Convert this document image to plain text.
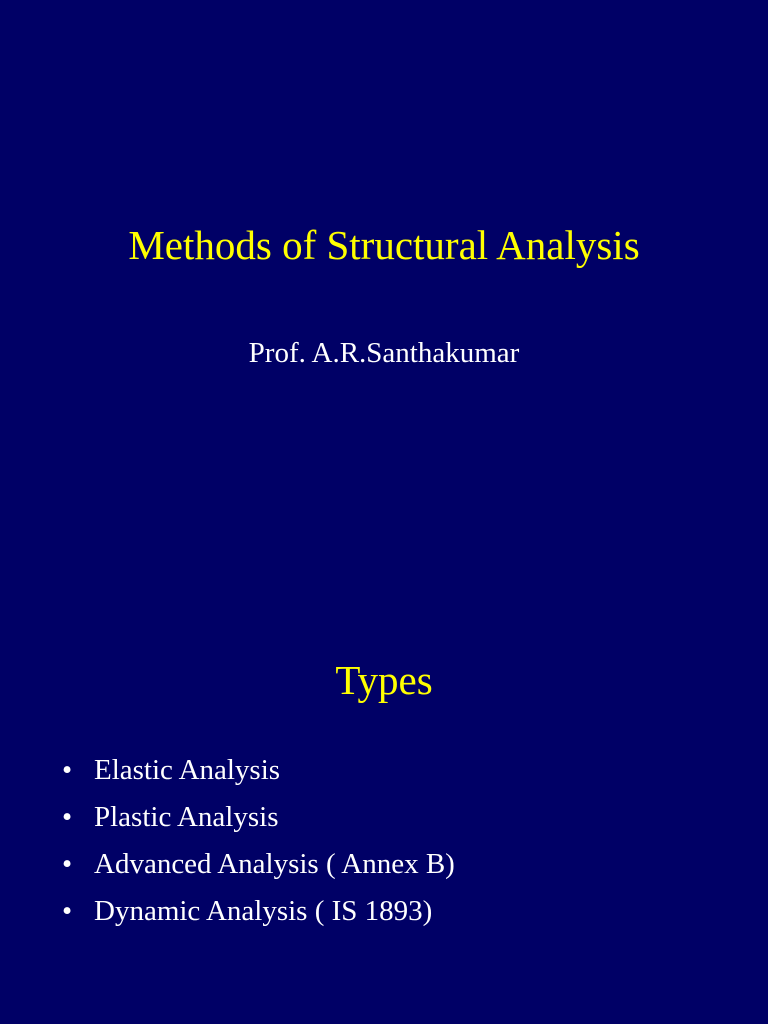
Methods of Structural Analysis
Prof. A.R.Santhakumar
Types
• Elastic Analysis
• Plastic Analysis
• Advanced Analysis ( Annex B)
• Dynamic Analysis ( IS 1893)
